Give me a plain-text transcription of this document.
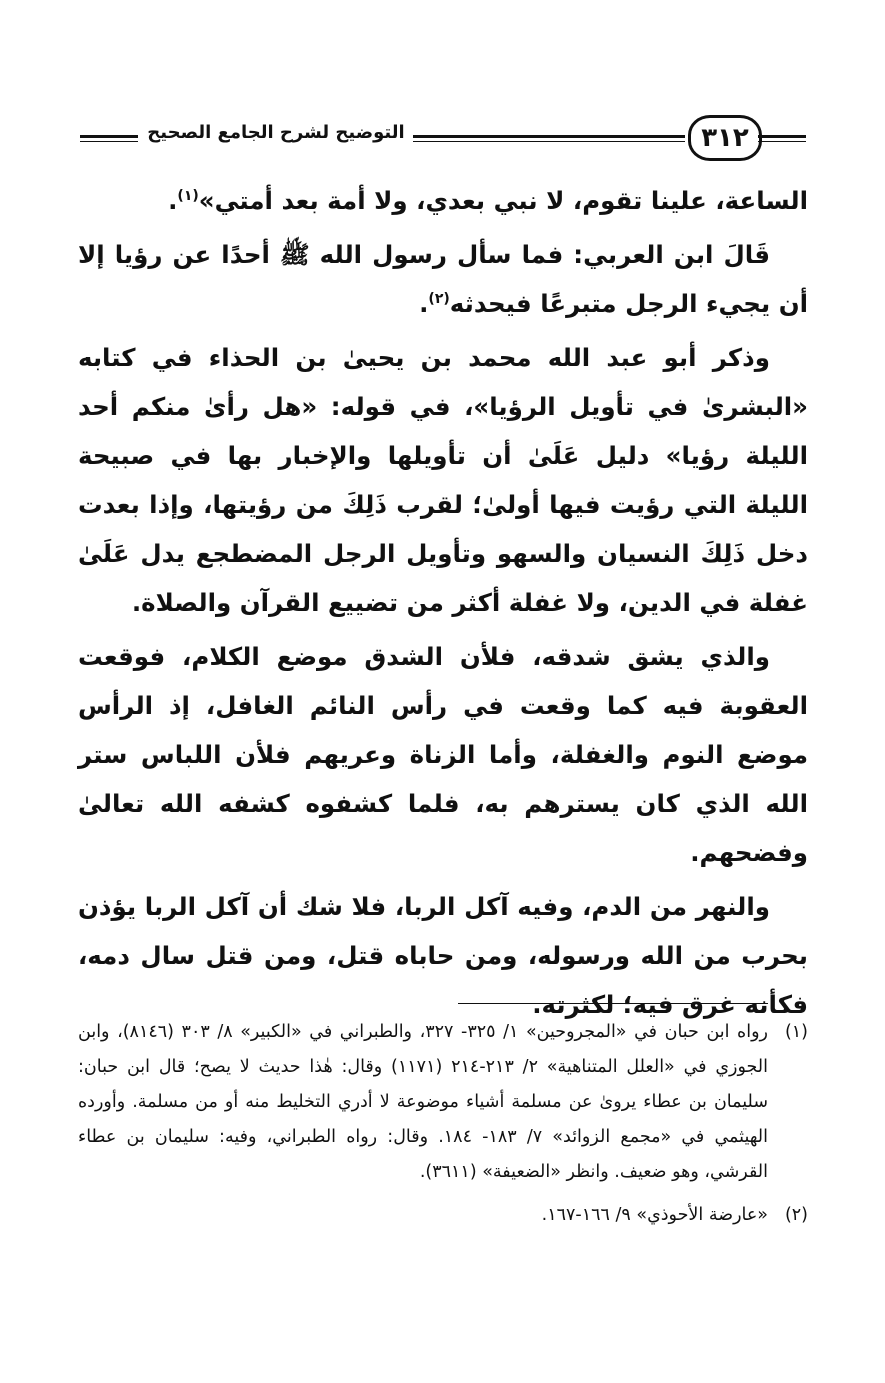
التوضيح لشرح الجامع الصحيح	٣١٢

الساعة، علينا تقوم، لا نبي بعدي، ولا أمة بعد أمتي»$^{(١)}$.

قَالَ ابن العربي: فما سأل رسول الله ﷺ أحدًا عن رؤيا إلا أن يجيء الرجل متبرعًا فيحدثه$^{(٢)}$.

وذكر أبو عبد الله محمد بن يحيىٰ بن الحذاء في كتابه «البشرىٰ في تأويل الرؤيا»، في قوله: «هل رأىٰ منكم أحد الليلة رؤيا» دليل عَلَىٰ أن تأويلها والإخبار بها في صبيحة الليلة التي رؤيت فيها أولىٰ؛ لقرب ذَلِكَ من رؤيتها، وإذا بعدت دخل ذَلِكَ النسيان والسهو وتأويل الرجل المضطجع يدل عَلَىٰ غفلة في الدين، ولا غفلة أكثر من تضييع القرآن والصلاة.

والذي يشق شدقه، فلأن الشدق موضع الكلام، فوقعت العقوبة فيه كما وقعت في رأس النائم الغافل، إذ الرأس موضع النوم والغفلة، وأما الزناة وعريهم فلأن اللباس ستر الله الذي كان يسترهم به، فلما كشفوه كشفه الله تعالىٰ وفضحهم.

والنهر من الدم، وفيه آكل الربا، فلا شك أن آكل الربا يؤذن بحرب من الله ورسوله، ومن حاباه قتل، ومن قتل سال دمه، فكأنه غرق فيه؛ لكثرته.

(١)
رواه ابن حبان في «المجروحين» ١/ ٣٢٥- ٣٢٧، والطبراني في «الكبير» ٨/ ٣٠٣ (٨١٤٦)، وابن الجوزي في «العلل المتناهية» ٢/ ٢١٣-٢١٤ (١١٧١) وقال: هٰذا حديث لا يصح؛ قال ابن حبان: سليمان بن عطاء يروىٰ عن مسلمة أشياء موضوعة لا أدري التخليط منه أو من مسلمة. وأورده الهيثمي في «مجمع الزوائد» ٧/ ١٨٣- ١٨٤. وقال: رواه الطبراني، وفيه: سليمان بن عطاء القرشي، وهو ضعيف. وانظر «الضعيفة» (٣٦١١).
(٢)
«عارضة الأحوذي» ٩/ ١٦٦-١٦٧.
